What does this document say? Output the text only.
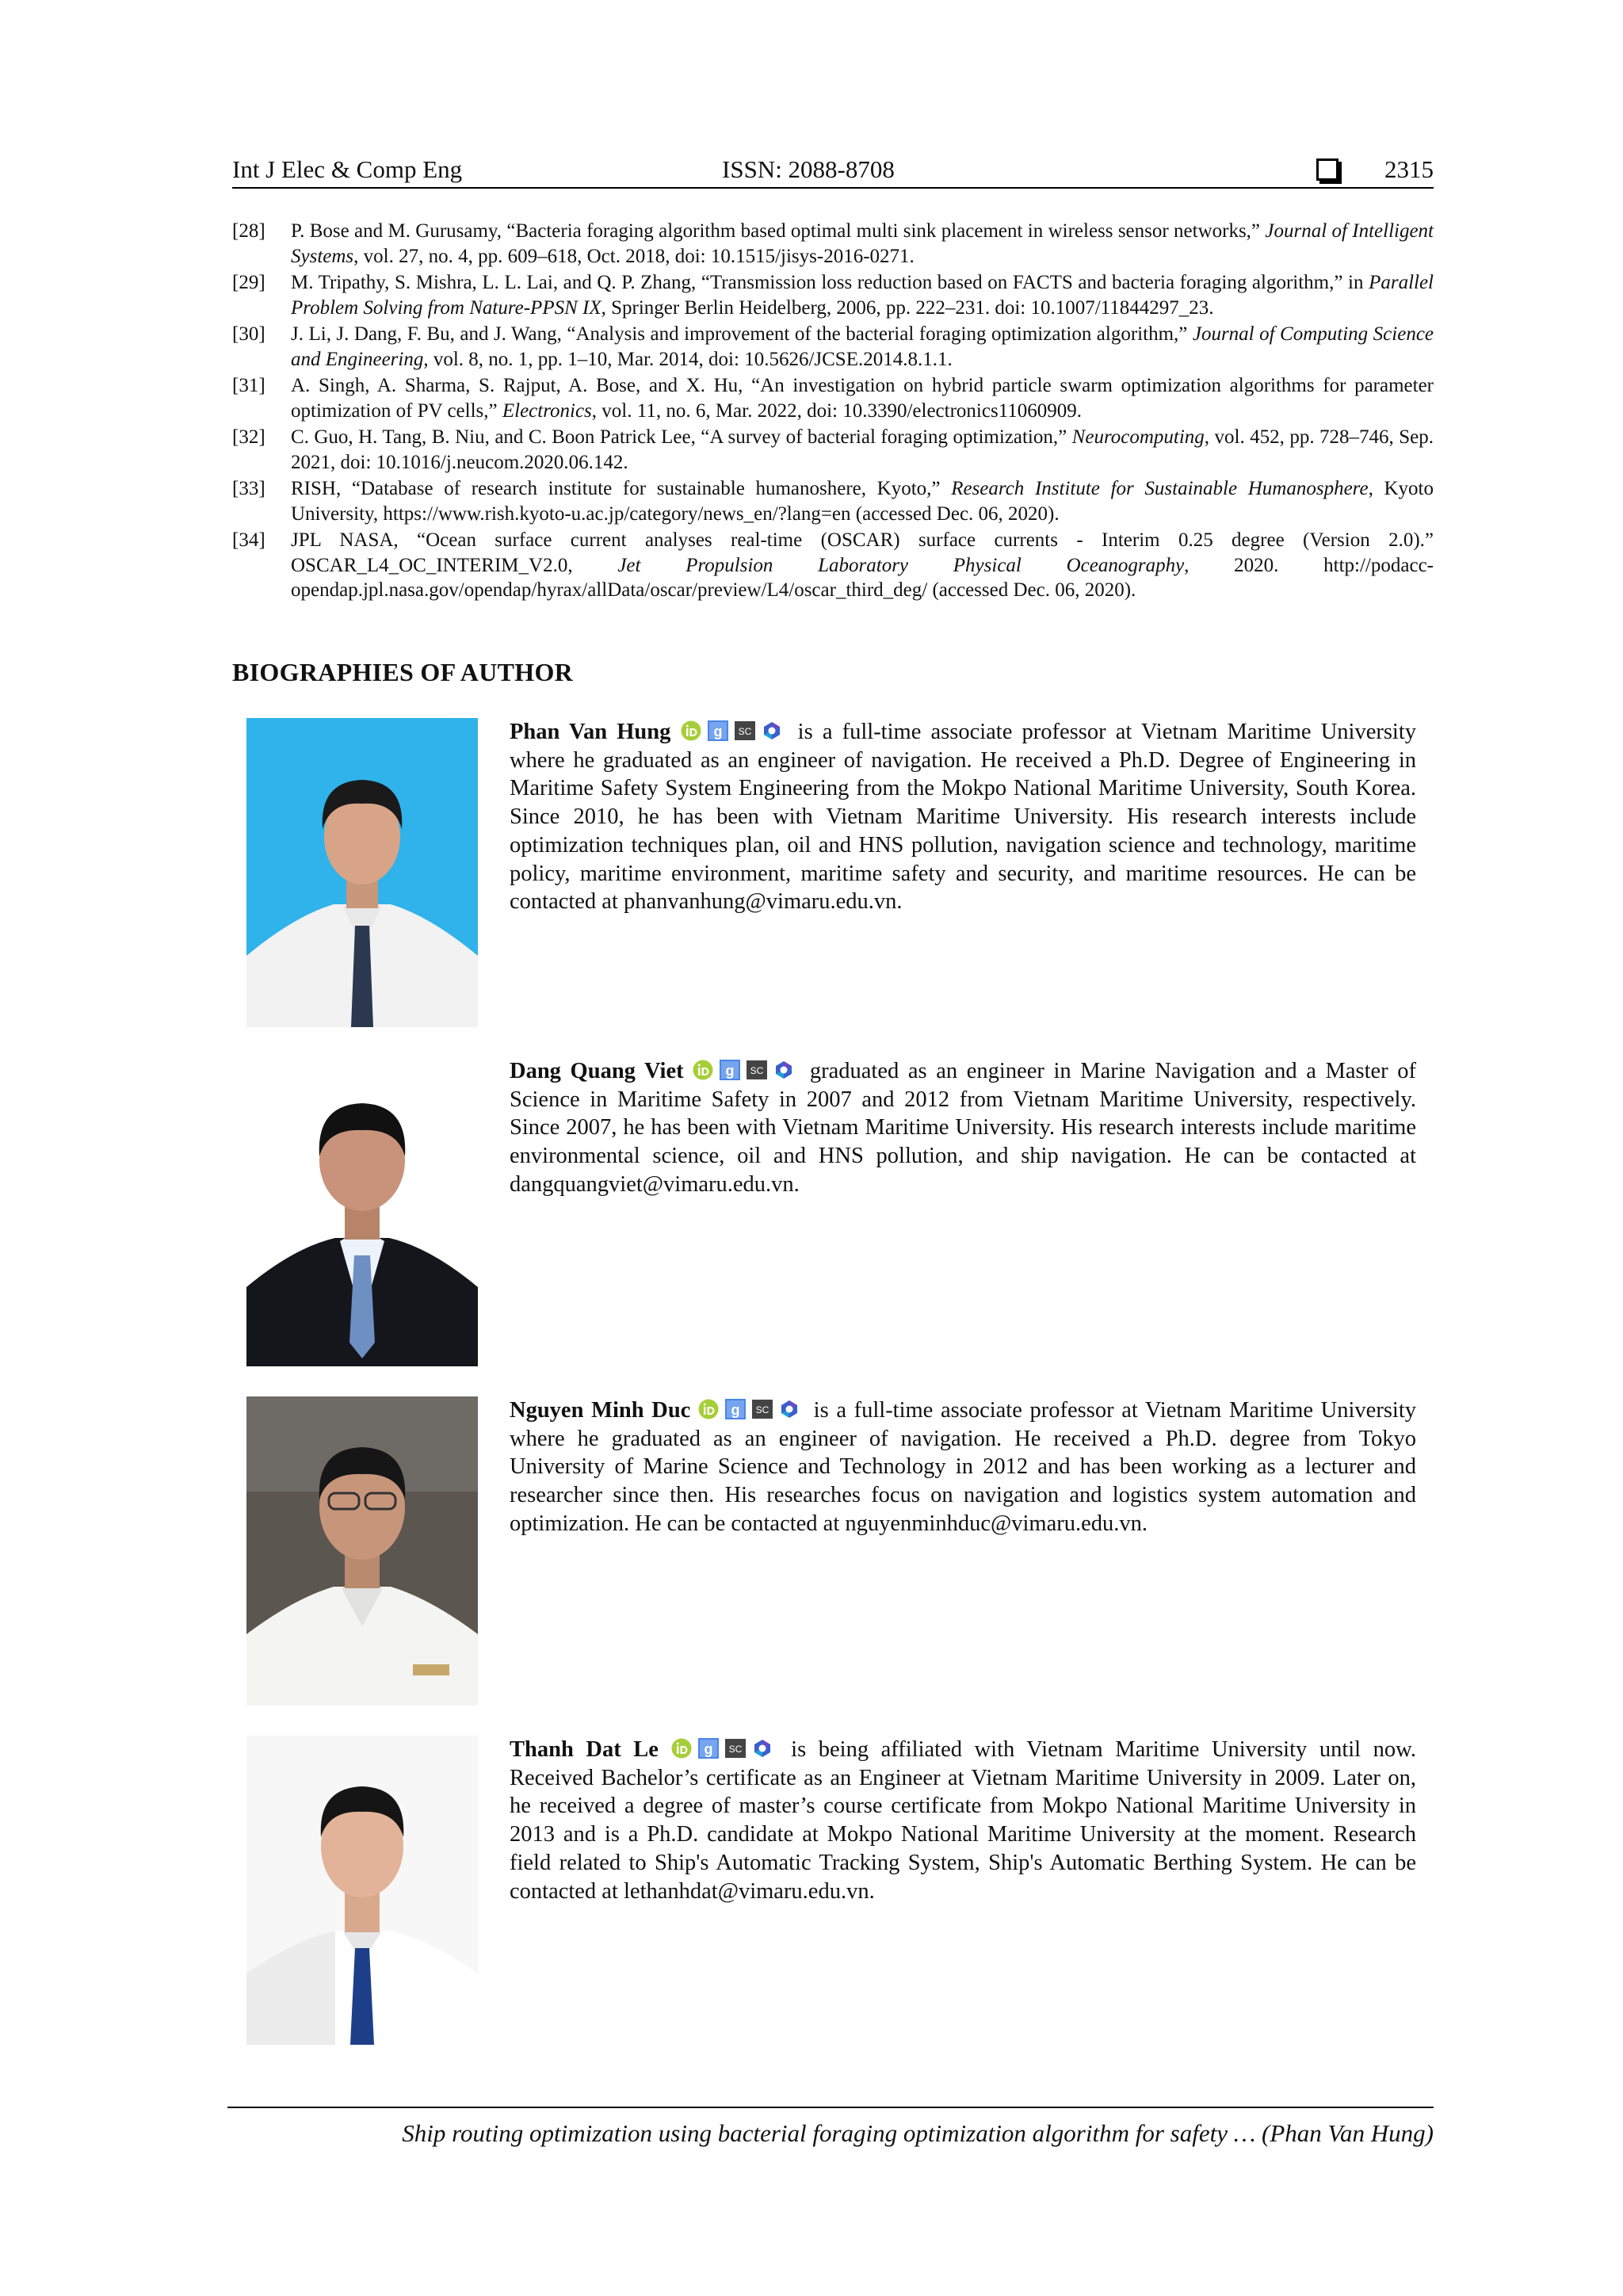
Int J Elec & Comp Eng	ISSN: 2088-8708	2315
[28]	P. Bose and M. Gurusamy, “Bacteria foraging algorithm based optimal multi sink placement in wireless sensor networks,” Journal of Intelligent Systems, vol. 27, no. 4, pp. 609–618, Oct. 2018, doi: 10.1515/jisys-2016-0271.
[29]	M. Tripathy, S. Mishra, L. L. Lai, and Q. P. Zhang, “Transmission loss reduction based on FACTS and bacteria foraging algorithm,” in Parallel Problem Solving from Nature-PPSN IX, Springer Berlin Heidelberg, 2006, pp. 222–231. doi: 10.1007/11844297_23.
[30]	J. Li, J. Dang, F. Bu, and J. Wang, “Analysis and improvement of the bacterial foraging optimization algorithm,” Journal of Computing Science and Engineering, vol. 8, no. 1, pp. 1–10, Mar. 2014, doi: 10.5626/JCSE.2014.8.1.1.
[31]	A. Singh, A. Sharma, S. Rajput, A. Bose, and X. Hu, “An investigation on hybrid particle swarm optimization algorithms for parameter optimization of PV cells,” Electronics, vol. 11, no. 6, Mar. 2022, doi: 10.3390/electronics11060909.
[32]	C. Guo, H. Tang, B. Niu, and C. Boon Patrick Lee, “A survey of bacterial foraging optimization,” Neurocomputing, vol. 452, pp. 728–746, Sep. 2021, doi: 10.1016/j.neucom.2020.06.142.
[33]	RISH, “Database of research institute for sustainable humanoshere, Kyoto,” Research Institute for Sustainable Humanosphere, Kyoto University, https://www.rish.kyoto-u.ac.jp/category/news_en/?lang=en (accessed Dec. 06, 2020).
[34]	JPL NASA, “Ocean surface current analyses real-time (OSCAR) surface currents - Interim 0.25 degree (Version 2.0).” OSCAR_L4_OC_INTERIM_V2.0, Jet Propulsion Laboratory Physical Oceanography, 2020. http://podacc-opendap.jpl.nasa.gov/opendap/hyrax/allData/oscar/preview/L4/oscar_third_deg/ (accessed Dec. 06, 2020).
BIOGRAPHIES OF AUTHOR
Phan Van Hung	is a full-time associate professor at Vietnam Maritime University where he graduated as an engineer of navigation. He received a Ph.D. Degree of Engineering in Maritime Safety System Engineering from the Mokpo National Maritime University, South Korea. Since 2010, he has been with Vietnam Maritime University. His research interests include optimization techniques plan, oil and HNS pollution, navigation science and technology, maritime policy, maritime environment, maritime safety and security, and maritime resources. He can be contacted at phanvanhung@vimaru.edu.vn.
Dang Quang Viet	graduated as an engineer in Marine Navigation and a Master of Science in Maritime Safety in 2007 and 2012 from Vietnam Maritime University, respectively. Since 2007, he has been with Vietnam Maritime University. His research interests include maritime environmental science, oil and HNS pollution, and ship navigation. He can be contacted at dangquangviet@vimaru.edu.vn.
Nguyen Minh Duc	is a full-time associate professor at Vietnam Maritime University where he graduated as an engineer of navigation. He received a Ph.D. degree from Tokyo University of Marine Science and Technology in 2012 and has been working as a lecturer and researcher since then. His researches focus on navigation and logistics system automation and optimization. He can be contacted at nguyenminhduc@vimaru.edu.vn.
Thanh Dat Le	is being affiliated with Vietnam Maritime University until now. Received Bachelor’s certificate as an Engineer at Vietnam Maritime University in 2009. Later on, he received a degree of master’s course certificate from Mokpo National Maritime University in 2013 and is a Ph.D. candidate at Mokpo National Maritime University at the moment. Research field related to Ship's Automatic Tracking System, Ship's Automatic Berthing System. He can be contacted at lethanhdat@vimaru.edu.vn.
Ship routing optimization using bacterial foraging optimization algorithm for safety … (Phan Van Hung)
